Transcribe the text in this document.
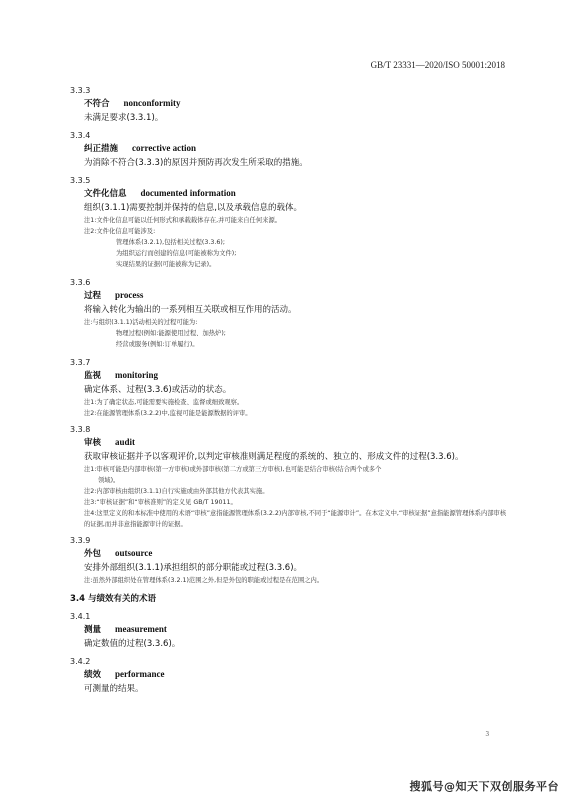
GB/T 23331—2020/ISO 50001:2018

3.3.3

不符合 nonconformity
未满足要求(3.3.1)。

3.3.4

纠正措施 corrective action
为消除不符合(3.3.3)的原因并预防再次发生所采取的措施。

3.3.5

文件化信息 documented information
组织(3.1.1)需要控制并保持的信息,以及承载信息的载体。
注1:文件化信息可能以任何形式和承载载体存在,并可能来自任何来源。
注2:文件化信息可能涉及:
管理体系(3.2.1),包括相关过程(3.3.6);
为组织运行而创建的信息(可能被称为文件);
实现结果的证据(可能被称为记录)。

3.3.6

过程 process
将输入转化为输出的一系列相互关联或相互作用的活动。
注:与组织(3.1.1)活动相关的过程可能为:
物理过程(例如:能源使用过程、加热炉);
经营或服务(例如:订单履行)。

3.3.7

监视 monitoring
确定体系、过程(3.3.6)或活动的状态。
注1:为了确定状态,可能需要实施检查、监督或细致观察。
注2:在能源管理体系(3.2.2)中,监视可能是能源数据的评审。

3.3.8

审核 audit
获取审核证据并予以客观评价,以判定审核准则满足程度的系统的、独立的、形成文件的过程(3.3.6)。
注1:审核可能是内部审核(第一方审核)或外部审核(第二方或第三方审核),也可能是结合审核(结合两个或多个
领域)。
注2:内部审核由组织(3.1.1)自行实施或由外部其他方代表其实施。
注3:“审核证据”和“审核准则”的定义见 GB/T 19011。
注4:这里定义的和本标准中使用的术语“审核”意指能源管理体系(3.2.2)内部审核,不同于“能源审计”。在本定义中,“审核证据”意指能源管理体系内部审核的证据,而并非意指能源审计的证据。

3.3.9

外包 outsource
安排外部组织(3.1.1)承担组织的部分职能或过程(3.3.6)。
注:虽然外部组织处在管理体系(3.2.1)范围之外,但是外包的职能或过程是在范围之内。
3.4 与绩效有关的术语

3.4.1

测量 measurement
确定数值的过程(3.3.6)。

3.4.2

绩效 performance
可测量的结果。
3
搜狐号@知天下双创服务平台
